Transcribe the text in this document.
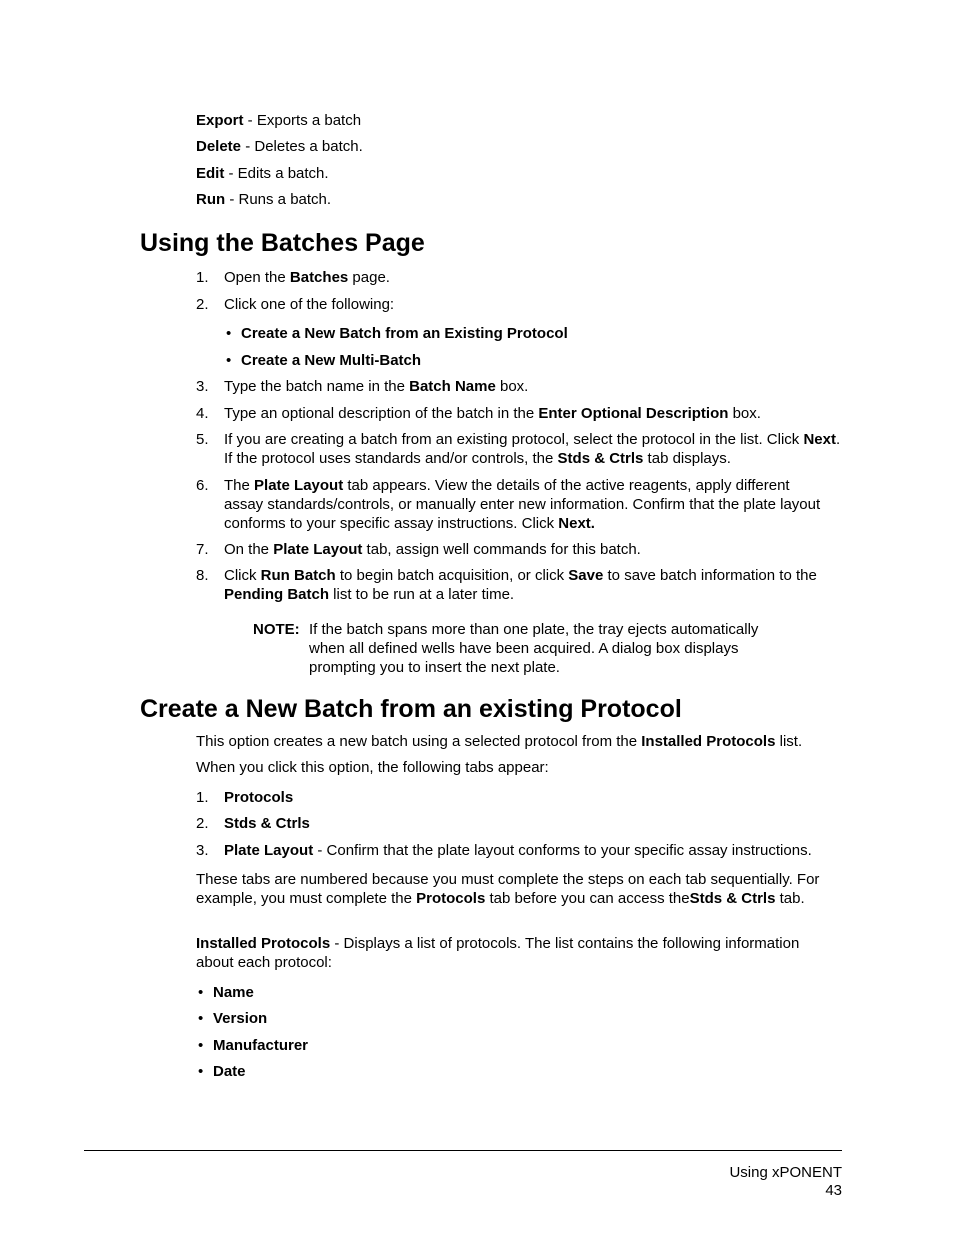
Export - Exports a batch
Delete - Deletes a batch.
Edit - Edits a batch.
Run - Runs a batch.
Using the Batches Page
1.	Open the Batches page.
2.	Click one of the following:
• Create a New Batch from an Existing Protocol
• Create a New Multi-Batch
3.	Type the batch name in the Batch Name box.
4.	Type an optional description of the batch in the Enter Optional Description box.
5.	If you are creating a batch from an existing protocol, select the protocol in the list. Click Next. If the protocol uses standards and/or controls, the Stds & Ctrls tab displays.
6.	The Plate Layout tab appears. View the details of the active reagents, apply different assay standards/controls, or manually enter new information. Confirm that the plate layout conforms to your specific assay instructions. Click Next.
7.	On the Plate Layout tab, assign well commands for this batch.
8.	Click Run Batch to begin batch acquisition, or click Save to save batch information to the Pending Batch list to be run at a later time.
NOTE: If the batch spans more than one plate, the tray ejects automatically when all defined wells have been acquired. A dialog box displays prompting you to insert the next plate.
Create a New Batch from an existing Protocol
This option creates a new batch using a selected protocol from the Installed Protocols list.
When you click this option, the following tabs appear:
1.	Protocols
2.	Stds & Ctrls
3.	Plate Layout - Confirm that the plate layout conforms to your specific assay instructions.
These tabs are numbered because you must complete the steps on each tab sequentially. For example, you must complete the Protocols tab before you can access theStds & Ctrls tab.
Installed Protocols - Displays a list of protocols. The list contains the following information about each protocol:
• Name
• Version
• Manufacturer
• Date
Using xPONENT
43
